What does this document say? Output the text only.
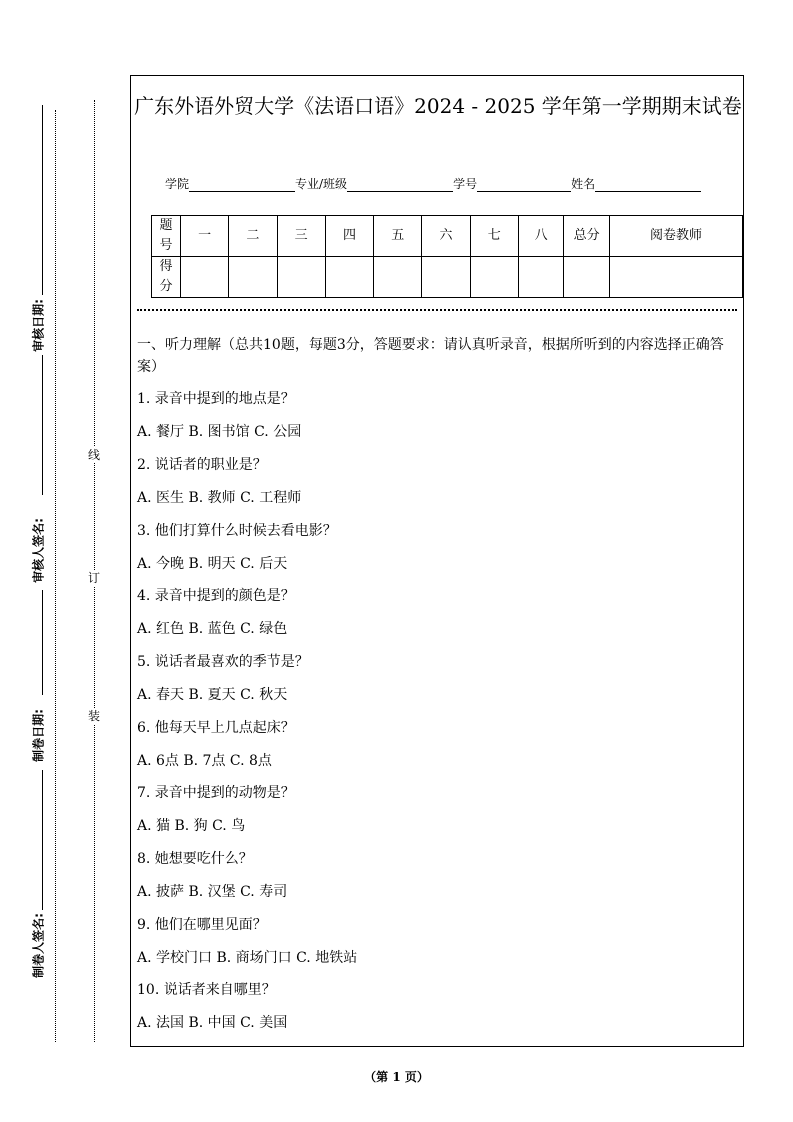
审核日期:
审核人签名:
制卷日期:
制卷人签名:
线
订
装
广东外语外贸大学《法语口语》2024 - 2025 学年第一学期期末试卷
学院	专业/班级	学号	姓名
题号	一	二	三	四	五	六	七	八	总分	阅卷教师
得分										
一、听力理解（总共10题，每题3分，答题要求：请认真听录音，根据所听到的内容选择正确答案）
1. 录音中提到的地点是？
A. 餐厅 B. 图书馆 C. 公园
2. 说话者的职业是？
A. 医生 B. 教师 C. 工程师
3. 他们打算什么时候去看电影？
A. 今晚 B. 明天 C. 后天
4. 录音中提到的颜色是？
A. 红色 B. 蓝色 C. 绿色
5. 说话者最喜欢的季节是？
A. 春天 B. 夏天 C. 秋天
6. 他每天早上几点起床？
A. 6点 B. 7点 C. 8点
7. 录音中提到的动物是？
A. 猫 B. 狗 C. 鸟
8. 她想要吃什么？
A. 披萨 B. 汉堡 C. 寿司
9. 他们在哪里见面？
A. 学校门口 B. 商场门口 C. 地铁站
10. 说话者来自哪里？
A. 法国 B. 中国 C. 美国
（第 1 页）
